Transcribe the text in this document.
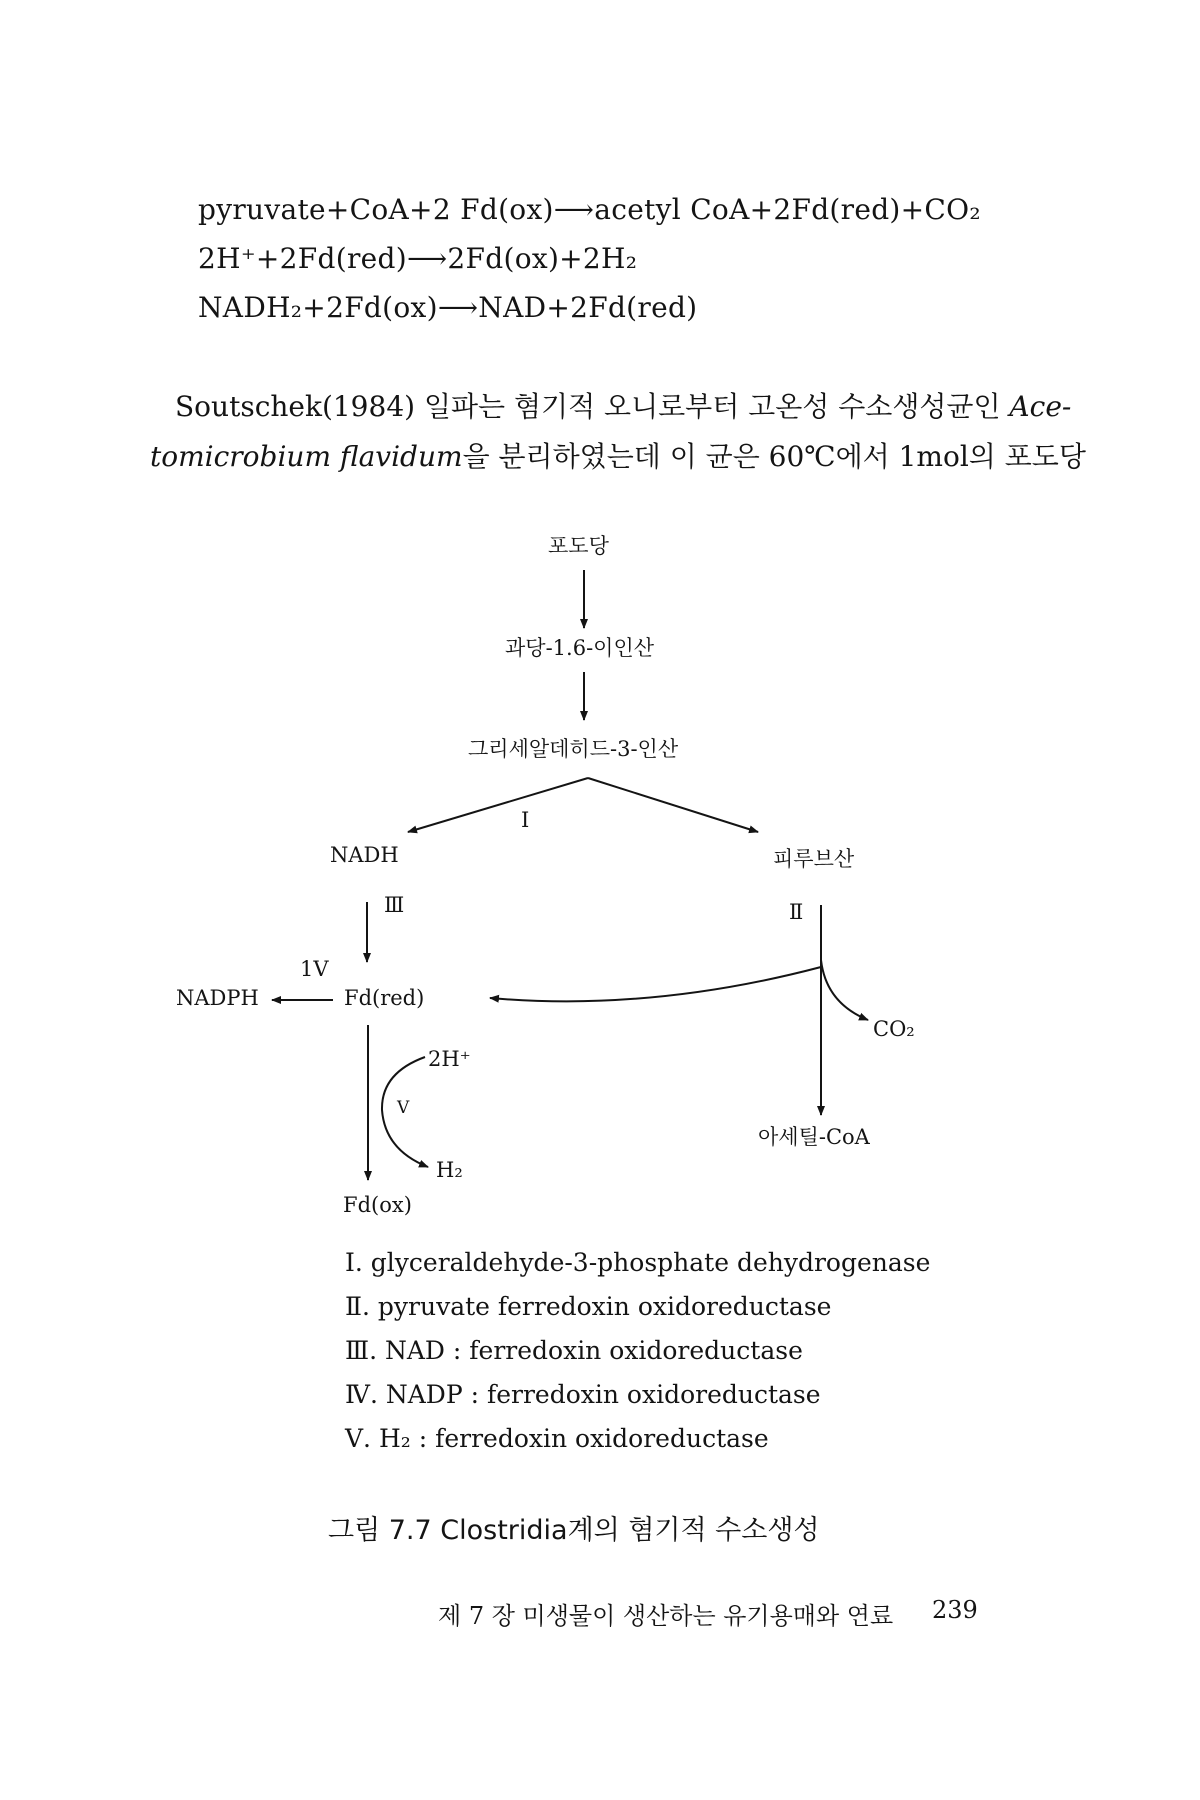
pyruvate+CoA+2 Fd(ox)⟶acetyl CoA+2Fd(red)+CO₂
2H⁺+2Fd(red)⟶2Fd(ox)+2H₂
NADH₂+2Fd(ox)⟶NAD+2Fd(red)
Soutschek(1984) 일파는 혐기적 오니로부터 고온성 수소생성균인 Ace-
tomicrobium flavidum을 분리하였는데 이 균은 60℃에서 1mol의 포도당
포도당
과당-1.6-이인산
그리세알데히드-3-인산
I
NADH	피루브산
Ⅲ	Ⅱ
1V
NADPH	Fd(red)
CO₂
2H⁺
V
아세틸-CoA
H₂
Fd(ox)
Ⅰ. glyceraldehyde-3-phosphate dehydrogenase
Ⅱ. pyruvate ferredoxin oxidoreductase
Ⅲ. NAD : ferredoxin oxidoreductase
Ⅳ. NADP : ferredoxin oxidoreductase
Ⅴ. H₂ : ferredoxin oxidoreductase
그림 7.7 Clostridia계의 혐기적 수소생성
제 7 장 미생물이 생산하는 유기용매와 연료 239
